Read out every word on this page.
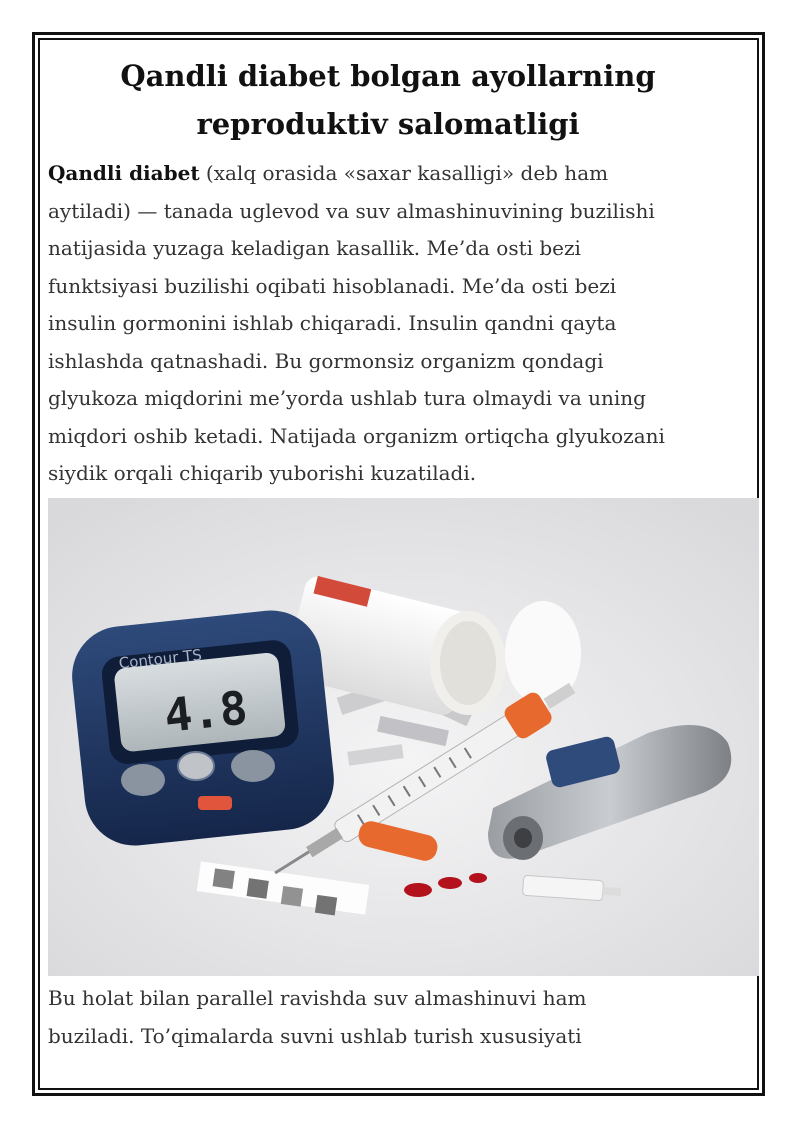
Qandli diabet bolgan ayollarning
reproduktiv salomatligi
Qandli diabet (xalq orasida «saxar kasalligi» deb ham
aytiladi) — tanada uglevod va suv almashinuvining buzilishi
natijasida yuzaga keladigan kasallik. Me’da osti bezi
funktsiyasi buzilishi oqibati hisoblanadi. Me’da osti bezi
insulin gormonini ishlab chiqaradi. Insulin qandni qayta
ishlashda qatnashadi. Bu gormonsiz organizm qondagi
glyukoza miqdorini me’yorda ushlab tura olmaydi va uning
miqdori oshib ketadi. Natijada organizm ortiqcha glyukozani
siydik orqali chiqarib yuborishi kuzatiladi.
Contour TS
4.8
Bu holat bilan parallel ravishda suv almashinuvi ham
buziladi. To’qimalarda suvni ushlab turish xususiyati
